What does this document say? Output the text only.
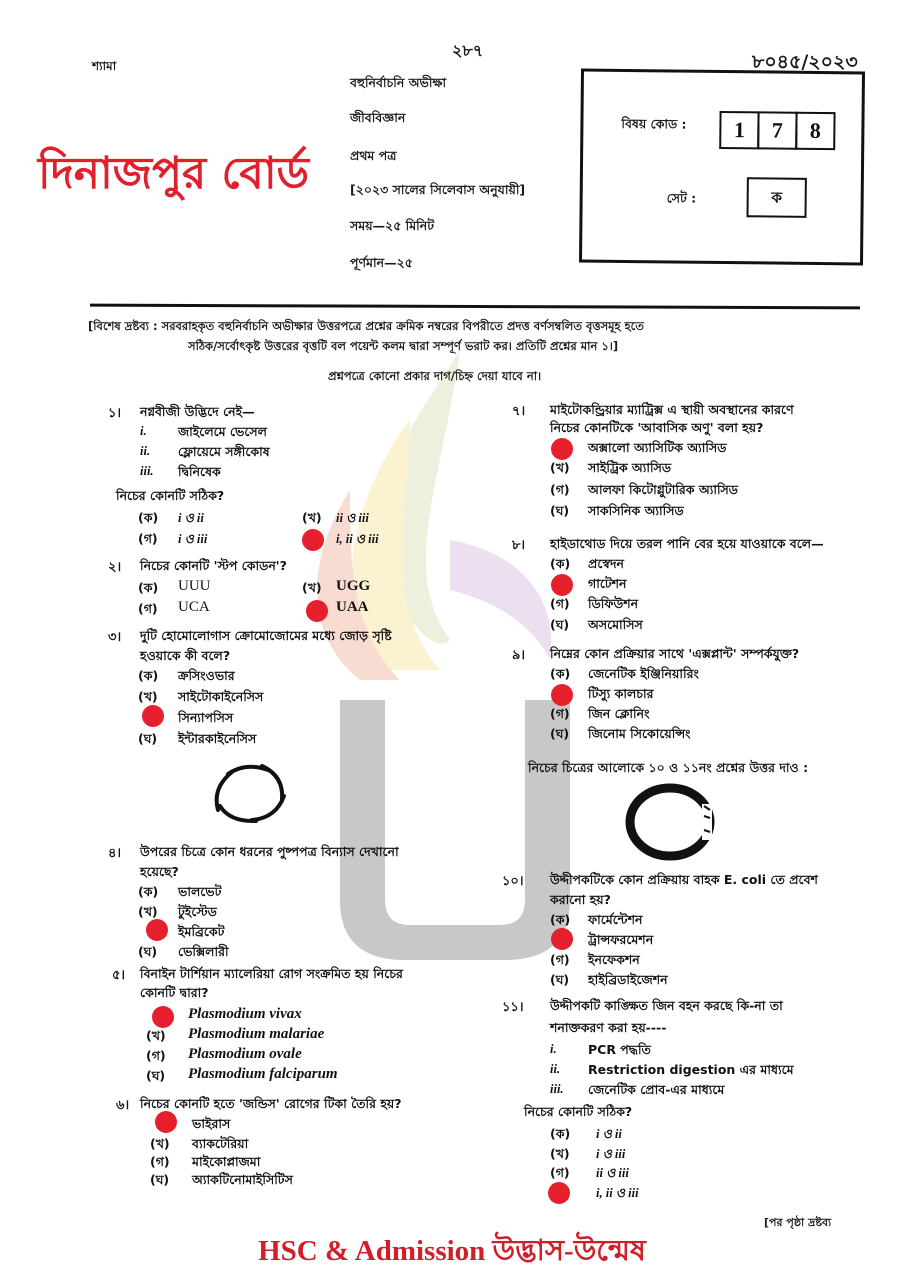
শ্যামা
২৮৭
৮০৪৫/২০২৩
দিনাজপুর বোর্ড
বহুনির্বাচনি অভীক্ষা
জীববিজ্ঞান
প্রথম পত্র
[২০২৩ সালের সিলেবাস অনুযায়ী]
সময়—২৫ মিনিট
পূর্ণমান—২৫
বিষয় কোড :	1	7	8
সেট :	ক
[বিশেষ দ্রষ্টব্য : সরবরাহকৃত বহুনির্বাচনি অভীক্ষার উত্তরপত্রে প্রশ্নের ক্রমিক নম্বরের বিপরীতে প্রদত্ত বর্ণসম্বলিত বৃত্তসমূহ হতে
সঠিক/সর্বোৎকৃষ্ট উত্তরের বৃত্তটি বল পয়েন্ট কলম দ্বারা সম্পূর্ণ ভরাট কর। প্রতিটি প্রশ্নের মান ১।]
প্রশ্নপত্রে কোনো প্রকার দাগ/চিহ্ন দেয়া যাবে না।
১। নগ্নবীজী উদ্ভিদে নেই—
i.	জাইলেমে ভেসেল
ii. ফ্লোয়েমে সঙ্গীকোষ
iii. দ্বিনিষেক
নিচের কোনটি সঠিক?
(ক) i ও ii	(খ) ii ও iii
(গ) i ও iii	i, ii ও iii
২। নিচের কোনটি 'স্টপ কোডন'?
(ক) UUU	(খ) UGG
(গ) UCA	UAA
৩। দুটি হোমোলোগাস ক্রোমোজোমের মধ্যে জোড় সৃষ্টি
হওয়াকে কী বলে?
(ক) ক্রসিংওভার
(খ) সাইটোকাইনেসিস
সিন্যাপসিস
(ঘ) ইন্টারকাইনেসিস
৪। উপরের চিত্রে কোন ধরনের পুষ্পপত্র বিন্যাস দেখানো
হয়েছে?
(ক) ভালভেট
(খ) টুইস্টেড
ইমব্রিকেট
(ঘ) ভেক্সিলারী
৫। বিনাইন টার্শিয়ান ম্যালেরিয়া রোগ সংক্রমিত হয় নিচের
কোনটি দ্বারা?
Plasmodium vivax
(খ) Plasmodium malariae
(গ) Plasmodium ovale
(ঘ) Plasmodium falciparum
৬। নিচের কোনটি হতে 'জন্ডিস' রোগের টিকা তৈরি হয়?
ভাইরাস
(খ) ব্যাকটেরিয়া
(গ) মাইকোপ্লাজমা
(ঘ) অ্যাকটিনোমাইসিটিস
৭। মাইটোকন্ড্রিয়ার ম্যাট্রিক্স এ স্থায়ী অবস্থানের কারণে
নিচের কোনটিকে 'আবাসিক অণু' বলা হয়?
অক্সালো অ্যাসিটিক অ্যাসিড
(খ) সাইট্রিক অ্যাসিড
(গ) আলফা কিটোগ্লুটারিক অ্যাসিড
(ঘ) সাকসিনিক অ্যাসিড
৮। হাইডাথোড দিয়ে তরল পানি বের হয়ে যাওয়াকে বলে—
(ক) প্রস্বেদন
গাটেশন
(গ) ডিফিউশন
(ঘ) অসমোসিস
৯। নিম্নের কোন প্রক্রিয়ার সাথে 'এক্সপ্লান্ট' সম্পর্কযুক্ত?
(ক) জেনেটিক ইঞ্জিনিয়ারিং
টিস্যু কালচার
(গ) জিন ক্লোনিং
(ঘ) জিনোম সিকোয়েন্সিং
নিচের চিত্রের আলোকে ১০ ও ১১নং প্রশ্নের উত্তর দাও :
১০। উদ্দীপকটিকে কোন প্রক্রিয়ায় বাহক E. coli তে প্রবেশ
করানো হয়?
(ক) ফার্মেন্টেশন
ট্রান্সফরমেশন
(গ) ইনফেকশন
(ঘ) হাইব্রিডাইজেশন
১১। উদ্দীপকটি কাঙ্ক্ষিত জিন বহন করছে কি-না তা
শনাক্তকরণ করা হয়----
i.	PCR পদ্ধতি
ii. Restriction digestion এর মাধ্যমে
iii. জেনেটিক প্রোব-এর মাধ্যমে
নিচের কোনটি সঠিক?
(ক) i ও ii
(খ) i ও iii
(গ) ii ও iii
i, ii ও iii
[পর পৃষ্ঠা দ্রষ্টব্য
HSC & Admission উদ্ভাস-উন্মেষ
